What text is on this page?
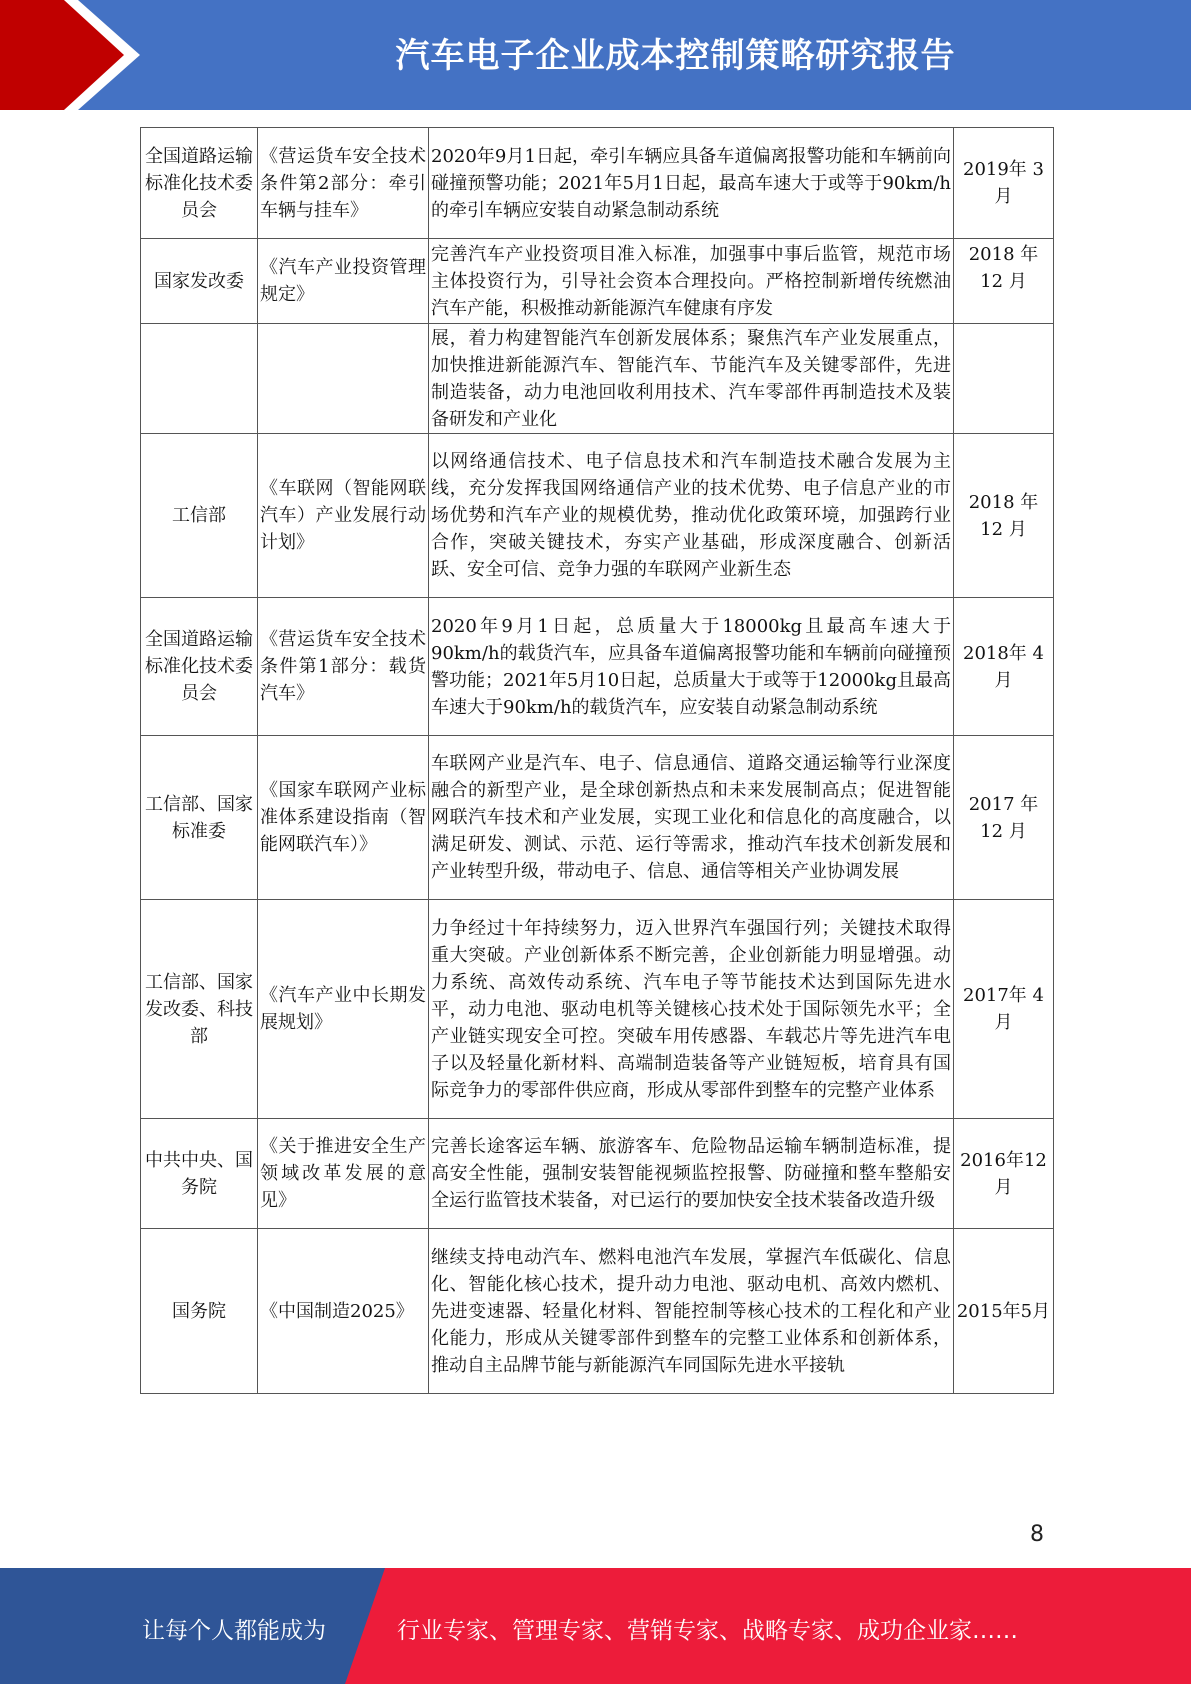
汽车电子企业成本控制策略研究报告
全国道路运输标准化技术委员会	《营运货车安全技术条件第2部分：牵引车辆与挂车》	2020年9月1日起，牵引车辆应具备车道偏离报警功能和车辆前向碰撞预警功能；2021年5月1日起，最高车速大于或等于90km/h的牵引车辆应安装自动紧急制动系统	2019年 3月
国家发改委	《汽车产业投资管理规定》	完善汽车产业投资项目准入标准，加强事中事后监管，规范市场主体投资行为，引导社会资本合理投向。严格控制新增传统燃油汽车产能，积极推动新能源汽车健康有序发	2018 年 12 月

		展，着力构建智能汽车创新发展体系；聚焦汽车产业发展重点，加快推进新能源汽车、智能汽车、节能汽车及关键零部件，先进制造装备，动力电池回收利用技术、汽车零部件再制造技术及装备研发和产业化	
工信部	《车联网（智能网联汽车）产业发展行动计划》	以网络通信技术、电子信息技术和汽车制造技术融合发展为主线，充分发挥我国网络通信产业的技术优势、电子信息产业的市场优势和汽车产业的规模优势，推动优化政策环境，加强跨行业合作，突破关键技术，夯实产业基础，形成深度融合、创新活跃、安全可信、竞争力强的车联网产业新生态	2018 年 12 月
全国道路运输标准化技术委员会	《营运货车安全技术条件第1部分：载货汽车》	2020年9月1日起，总质量大于18000kg且最高车速大于90km/h的载货汽车，应具备车道偏离报警功能和车辆前向碰撞预警功能；2021年5月10日起，总质量大于或等于12000kg且最高车速大于90km/h的载货汽车，应安装自动紧急制动系统	2018年 4月
工信部、国家标准委	《国家车联网产业标准体系建设指南（智能网联汽车）》	车联网产业是汽车、电子、信息通信、道路交通运输等行业深度融合的新型产业，是全球创新热点和未来发展制高点；促进智能网联汽车技术和产业发展，实现工业化和信息化的高度融合，以满足研发、测试、示范、运行等需求，推动汽车技术创新发展和产业转型升级，带动电子、信息、通信等相关产业协调发展	2017 年 12 月
工信部、国家发改委、科技部	《汽车产业中长期发展规划》	力争经过十年持续努力，迈入世界汽车强国行列；关键技术取得重大突破。产业创新体系不断完善，企业创新能力明显增强。动力系统、高效传动系统、汽车电子等节能技术达到国际先进水平，动力电池、驱动电机等关键核心技术处于国际领先水平；全产业链实现安全可控。突破车用传感器、车载芯片等先进汽车电子以及轻量化新材料、高端制造装备等产业链短板，培育具有国际竞争力的零部件供应商，形成从零部件到整车的完整产业体系	2017年 4月
中共中央、国务院	《关于推进安全生产领域改革发展的意见》	完善长途客运车辆、旅游客车、危险物品运输车辆制造标准，提高安全性能，强制安装智能视频监控报警、防碰撞和整车整船安全运行监管技术装备，对已运行的要加快安全技术装备改造升级	2016年12月
国务院	《中国制造2025》	继续支持电动汽车、燃料电池汽车发展，掌握汽车低碳化、信息化、智能化核心技术，提升动力电池、驱动电机、高效内燃机、先进变速器、轻量化材料、智能控制等核心技术的工程化和产业化能力，形成从关键零部件到整车的完整工业体系和创新体系，推动自主品牌节能与新能源汽车同国际先进水平接轨	2015年5月
8
让每个人都能成为	行业专家、管理专家、营销专家、战略专家、成功企业家……
